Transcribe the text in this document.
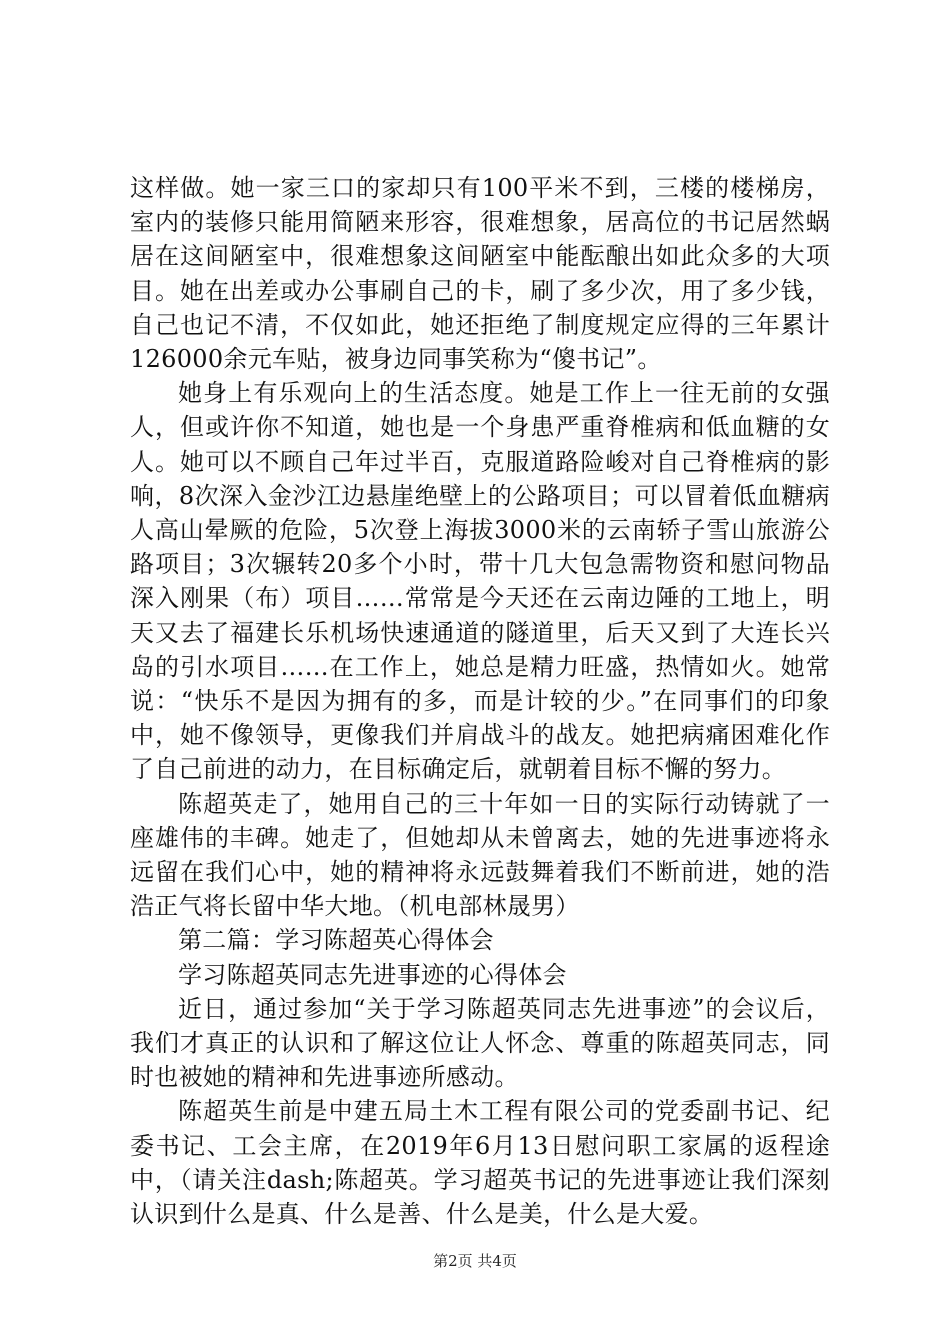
这样做。她一家三口的家却只有100平米不到，三楼的楼梯房，室内的装修只能用简陋来形容，很难想象，居高位的书记居然蜗居在这间陋室中，很难想象这间陋室中能酝酿出如此众多的大项目。她在出差或办公事刷自己的卡，刷了多少次，用了多少钱，自己也记不清，不仅如此，她还拒绝了制度规定应得的三年累计126000余元车贴，被身边同事笑称为“傻书记”。

她身上有乐观向上的生活态度。她是工作上一往无前的女强人，但或许你不知道，她也是一个身患严重脊椎病和低血糖的女人。她可以不顾自己年过半百，克服道路险峻对自己脊椎病的影响，8次深入金沙江边悬崖绝壁上的公路项目；可以冒着低血糖病人高山晕厥的危险，5次登上海拔3000米的云南轿子雪山旅游公路项目；3次辗转20多个小时，带十几大包急需物资和慰问物品深入刚果（布）项目……常常是今天还在云南边陲的工地上，明天又去了福建长乐机场快速通道的隧道里，后天又到了大连长兴岛的引水项目……在工作上，她总是精力旺盛，热情如火。她常说：“快乐不是因为拥有的多，而是计较的少。”在同事们的印象中，她不像领导，更像我们并肩战斗的战友。她把病痛困难化作了自己前进的动力，在目标确定后，就朝着目标不懈的努力。

陈超英走了，她用自己的三十年如一日的实际行动铸就了一座雄伟的丰碑。她走了，但她却从未曾离去，她的先进事迹将永远留在我们心中，她的精神将永远鼓舞着我们不断前进，她的浩浩正气将长留中华大地。（机电部林晟男）

第二篇：学习陈超英心得体会

学习陈超英同志先进事迹的心得体会

近日，通过参加“关于学习陈超英同志先进事迹”的会议后，我们才真正的认识和了解这位让人怀念、尊重的陈超英同志，同时也被她的精神和先进事迹所感动。

陈超英生前是中建五局土木工程有限公司的党委副书记、纪委书记、工会主席，在2019年6月13日慰问职工家属的返程途中，（请关注dash;陈超英。学习超英书记的先进事迹让我们深刻认识到什么是真、什么是善、什么是美，什么是大爱。

第2页 共4页
